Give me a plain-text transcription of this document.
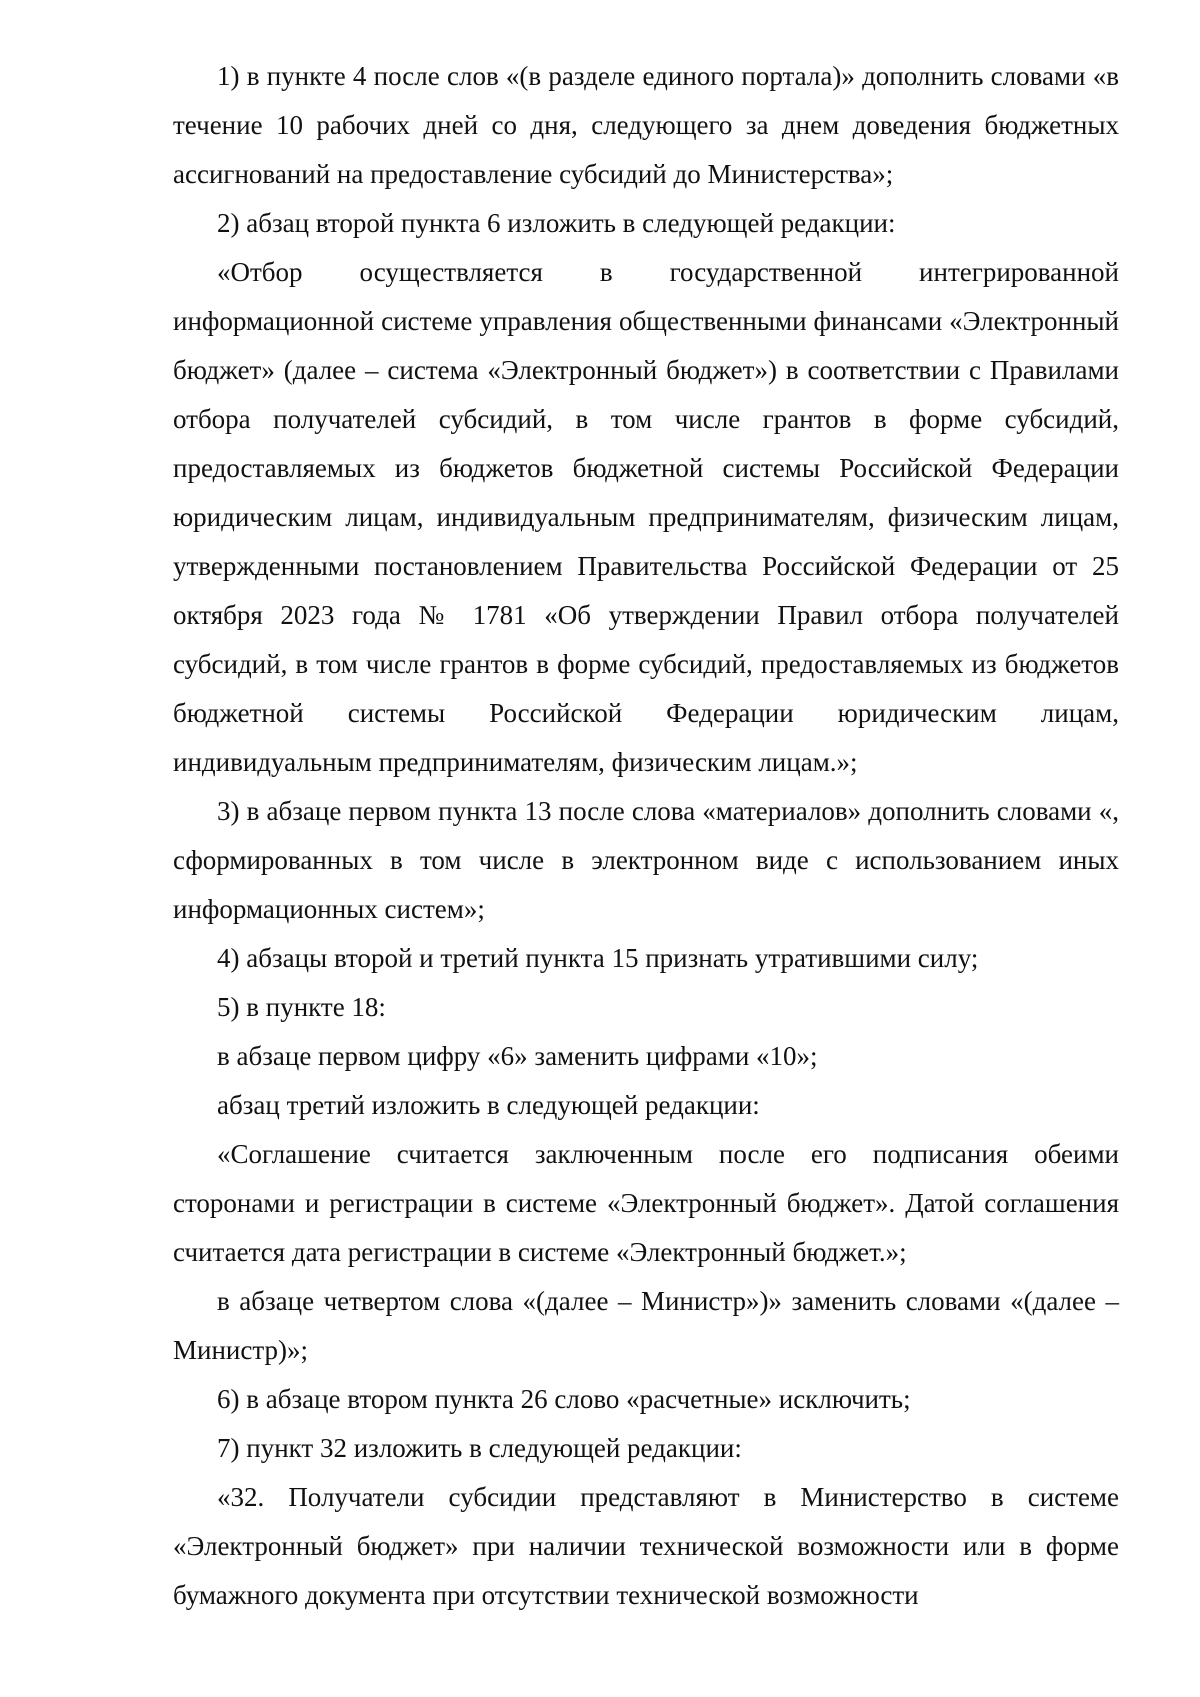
1) в пункте 4 после слов «(в разделе единого портала)» дополнить словами «в течение 10 рабочих дней со дня, следующего за днем доведения бюджетных ассигнований на предоставление субсидий до Министерства»;

2) абзац второй пункта 6 изложить в следующей редакции:

«Отбор осуществляется в государственной интегрированной информационной системе управления общественными финансами «Электронный бюджет» (далее – система «Электронный бюджет») в соответствии с Правилами отбора получателей субсидий, в том числе грантов в форме субсидий, предоставляемых из бюджетов бюджетной системы Российской Федерации юридическим лицам, индивидуальным предпринимателям, физическим лицам, утвержденными постановлением Правительства Российской Федерации от 25 октября 2023 года № 1781 «Об утверждении Правил отбора получателей субсидий, в том числе грантов в форме субсидий, предоставляемых из бюджетов бюджетной системы Российской Федерации юридическим лицам, индивидуальным предпринимателям, физическим лицам.»;

3) в абзаце первом пункта 13 после слова «материалов» дополнить словами «, сформированных в том числе в электронном виде с использованием иных информационных систем»;

4) абзацы второй и третий пункта 15 признать утратившими силу;

5) в пункте 18:

в абзаце первом цифру «6» заменить цифрами «10»;

абзац третий изложить в следующей редакции:

«Соглашение считается заключенным после его подписания обеими сторонами и регистрации в системе «Электронный бюджет». Датой соглашения считается дата регистрации в системе «Электронный бюджет.»;

в абзаце четвертом слова «(далее – Министр»)» заменить словами «(далее – Министр)»;

6) в абзаце втором пункта 26 слово «расчетные» исключить;

7) пункт 32 изложить в следующей редакции:

«32. Получатели субсидии представляют в Министерство в системе «Электронный бюджет» при наличии технической возможности или в форме бумажного документа при отсутствии технической возможности
